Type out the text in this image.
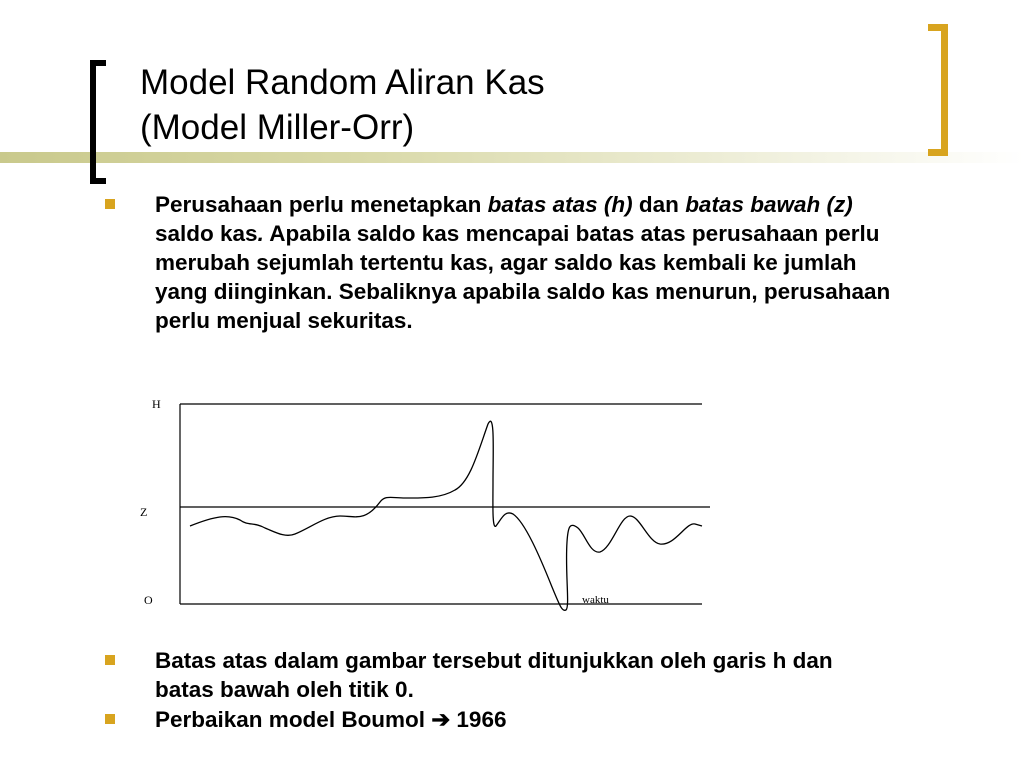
Model Random Aliran Kas
(Model Miller-Orr)
Perusahaan perlu menetapkan batas atas (h) dan batas bawah (z) saldo kas. Apabila saldo kas mencapai batas atas perusahaan perlu merubah sejumlah tertentu kas, agar saldo kas kembali ke jumlah yang diinginkan. Sebaliknya apabila saldo kas menurun, perusahaan perlu menjual sekuritas.
H
Z
O	waktu
Batas atas dalam gambar tersebut ditunjukkan oleh garis h dan batas bawah oleh titik 0.
Perbaikan model Boumol ➔ 1966
